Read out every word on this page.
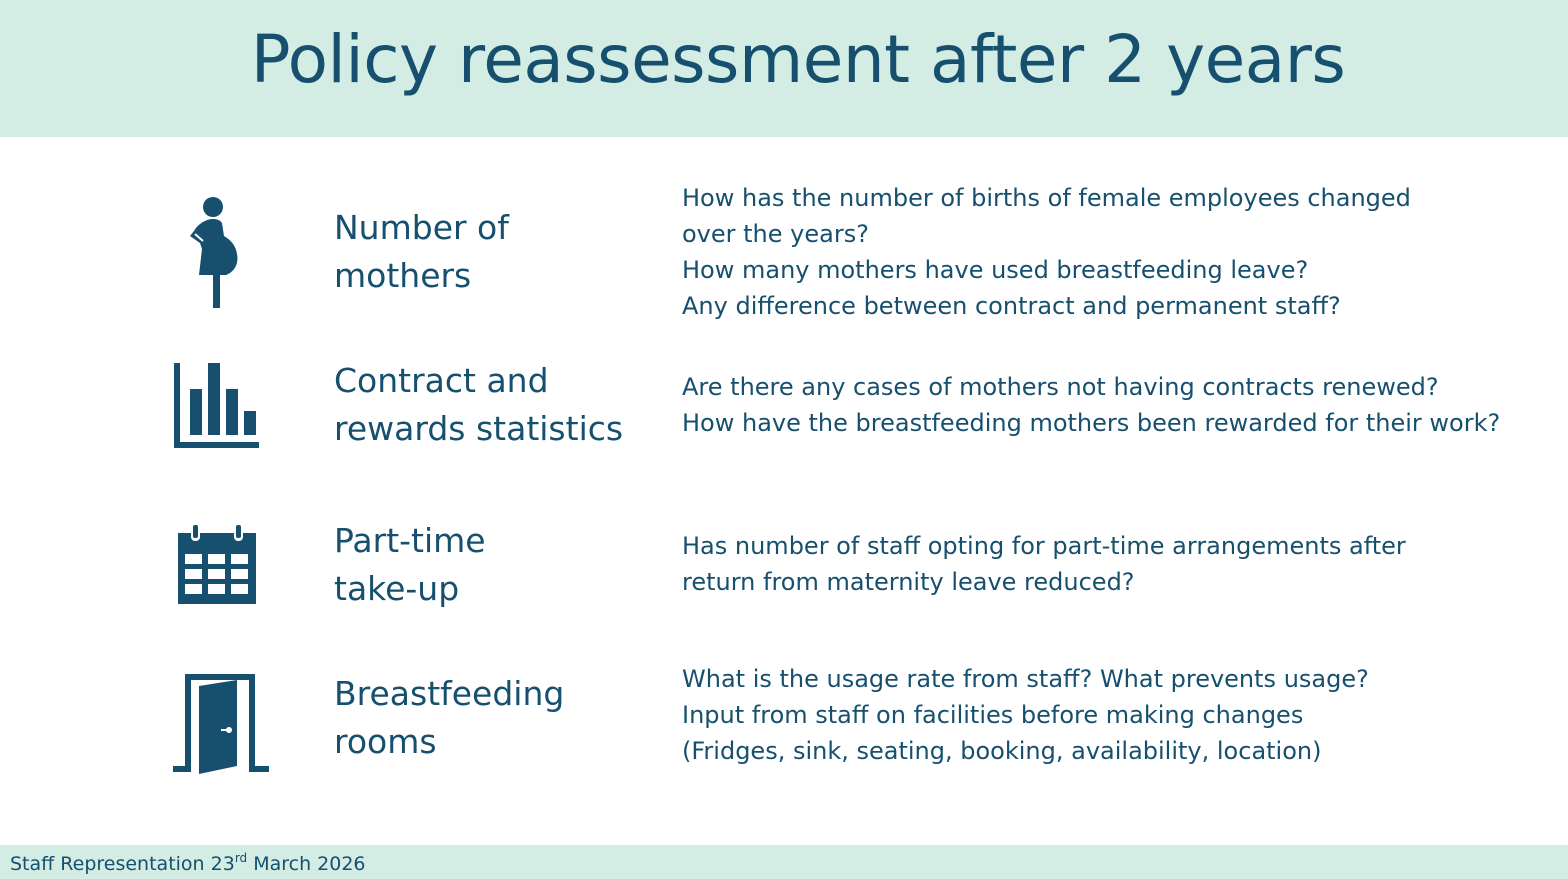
Policy reassessment after 2 years
Number of
mothers
How has the number of births of female employees changed
over the years?
How many mothers have used breastfeeding leave?
Any difference between contract and permanent staff?
Contract and
rewards statistics
Are there any cases of mothers not having contracts renewed?
How have the breastfeeding mothers been rewarded for their work?
Part-time
take-up
Has number of staff opting for part-time arrangements after
return from maternity leave reduced?
Breastfeeding
rooms
What is the usage rate from staff? What prevents usage?
Input from staff on facilities before making changes
(Fridges, sink, seating, booking, availability, location)
Staff Representation 23rd March 2026
